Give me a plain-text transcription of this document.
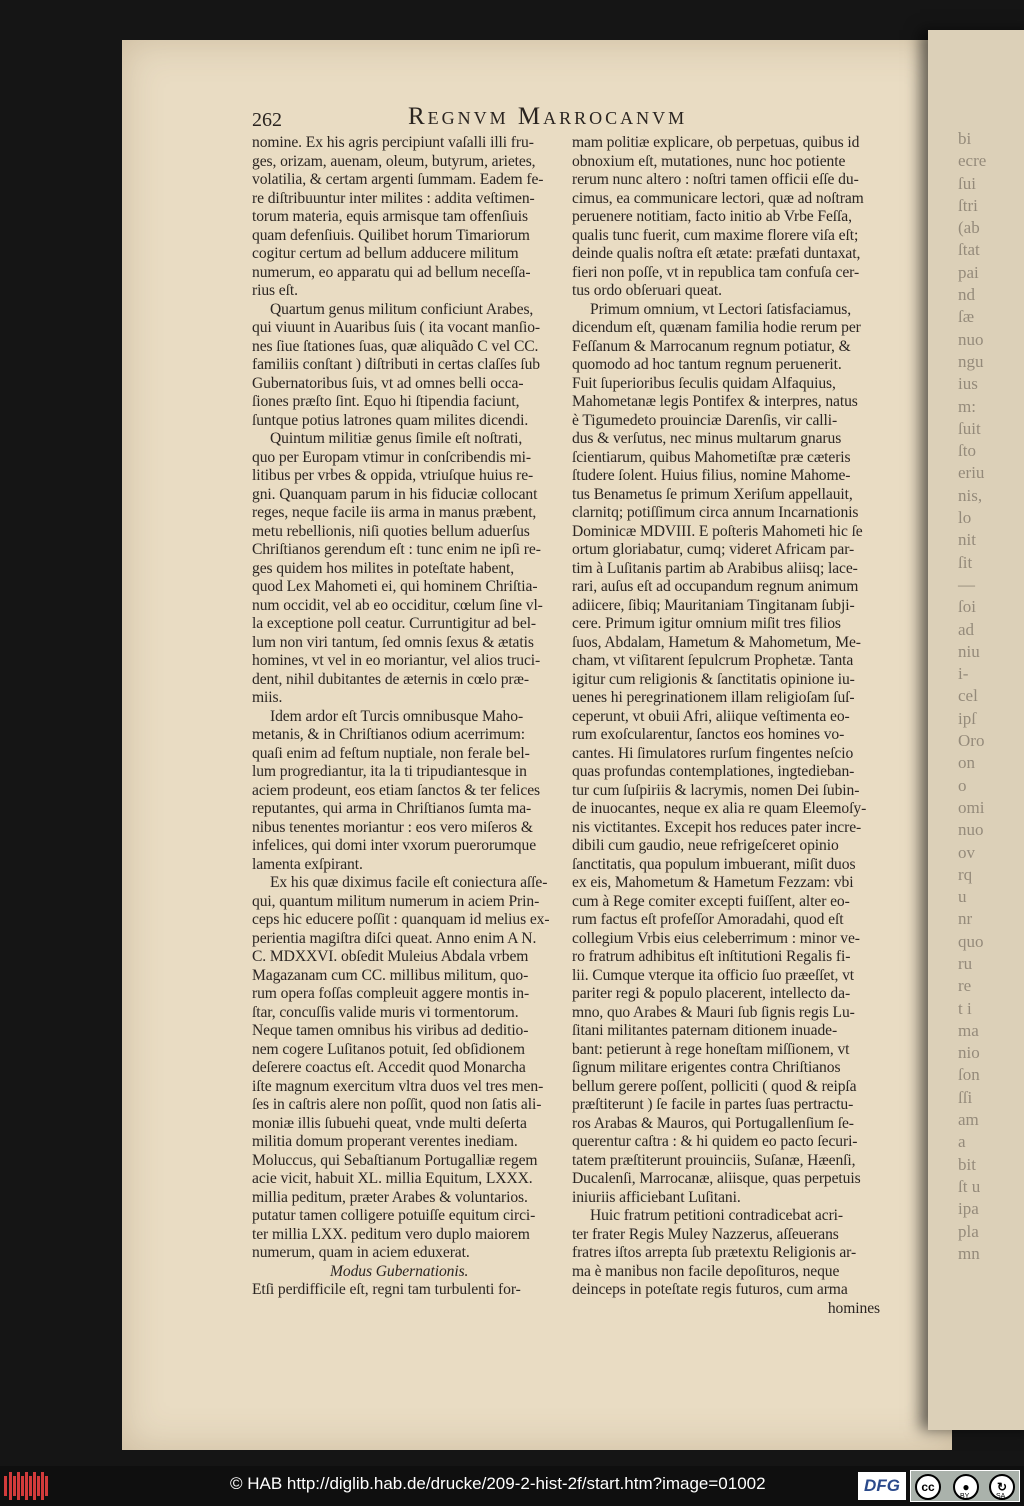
bi
ecre
ſui
ſtri
(ab
ſtat
pai
nd
ſæ
nuo
ngu
ius
m:
ſuit
ſto
eriu
nis,
lo
nit
ſit
—
ſoi
ad
niu
i-
cel
ipſ
Oro
on
o
omi
nuo
ov
rq
u
nr
quo
ru
re
t i
ma
nio
ſon
ſſi
am
a
bit
ſt u
ipa
pla
mn
262	Regnvm Marrocanvm
nomine. Ex his agris percipiunt vaſalli illi fru-
ges, orizam, auenam, oleum, butyrum, arietes,
volatilia, & certam argenti ſummam. Eadem fe-
re diſtribuuntur inter milites : addita veſtimen-
torum materia, equis armisque tam offenſiuis
quam defenſiuis. Quilibet horum Timariorum
cogitur certum ad bellum adducere militum
numerum, eo apparatu qui ad bellum neceſſa-
rius eſt.
Quartum genus militum conficiunt Arabes,
qui viuunt in Auaribus ſuis ( ita vocant manſio-
nes ſiue ſtationes ſuas, quæ aliquãdo C vel CC.
familiis conſtant ) diſtributi in certas claſſes ſub
Gubernatoribus ſuis, vt ad omnes belli occa-
ſiones præſto ſint. Equo hi ſtipendia faciunt,
ſuntque potius latrones quam milites dicendi.
Quintum militiæ genus ſimile eſt noſtrati,
quo per Europam vtimur in conſcribendis mi-
litibus per vrbes & oppida, vtriuſque huius re-
gni. Quanquam parum in his fiduciæ collocant
reges, neque facile iis arma in manus præbent,
metu rebellionis, niſi quoties bellum aduerſus
Chriſtianos gerendum eſt : tunc enim ne ipſi re-
ges quidem hos milites in poteſtate habent,
quod Lex Mahometi ei, qui hominem Chriſtia-
num occidit, vel ab eo occiditur, cœlum ſine vl-
la exceptione poll ceatur. Curruntigitur ad bel-
lum non viri tantum, ſed omnis ſexus & ætatis
homines, vt vel in eo moriantur, vel alios truci-
dent, nihil dubitantes de æternis in cœlo præ-
miis.
Idem ardor eſt Turcis omnibusque Maho-
metanis, & in Chriſtianos odium acerrimum:
quaſi enim ad feſtum nuptiale, non ferale bel-
lum progrediantur, ita la ti tripudiantesque in
aciem prodeunt, eos etiam ſanctos & ter felices
reputantes, qui arma in Chriſtianos ſumta ma-
nibus tenentes moriantur : eos vero miſeros &
infelices, qui domi inter vxorum puerorumque
lamenta exſpirant.
Ex his quæ diximus facile eſt coniectura aſſe-
qui, quantum militum numerum in aciem Prin-
ceps hic educere poſſit : quanquam id melius ex-
perientia magiſtra diſci queat. Anno enim A N.
C. MDXXVI. obſedit Muleius Abdala vrbem
Magazanam cum CC. millibus militum, quo-
rum opera foſſas compleuit aggere montis in-
ſtar, concuſſis valide muris vi tormentorum.
Neque tamen omnibus his viribus ad deditio-
nem cogere Luſitanos potuit, ſed obſidionem
deſerere coactus eſt. Accedit quod Monarcha
iſte magnum exercitum vltra duos vel tres men-
ſes in caſtris alere non poſſit, quod non ſatis ali-
moniæ illis ſubuehi queat, vnde multi deſerta
militia domum properant verentes inediam.
Moluccus, qui Sebaſtianum Portugalliæ regem
acie vicit, habuit XL. millia Equitum, LXXX.
millia peditum, præter Arabes & voluntarios.
putatur tamen colligere potuiſſe equitum circi-
ter millia LXX. peditum vero duplo maiorem
numerum, quam in aciem eduxerat.
Modus Gubernationis.
Etſi perdifficile eſt, regni tam turbulenti for-
mam politiæ explicare, ob perpetuas, quibus id
obnoxium eſt, mutationes, nunc hoc potiente
rerum nunc altero : noſtri tamen officii eſſe du-
cimus, ea communicare lectori, quæ ad noſtram
peruenere notitiam, facto initio ab Vrbe Feſſa,
qualis tunc fuerit, cum maxime florere viſa eſt;
deinde qualis noſtra eſt ætate: præfati duntaxat,
fieri non poſſe, vt in republica tam confuſa cer-
tus ordo obſeruari queat.
Primum omnium, vt Lectori ſatisfaciamus,
dicendum eſt, quænam familia hodie rerum per
Feſſanum & Marrocanum regnum potiatur, &
quomodo ad hoc tantum regnum peruenerit.
Fuit ſuperioribus ſeculis quidam Alfaquius,
Mahometanæ legis Pontifex & interpres, natus
è Tigumedeto prouinciæ Darenſis, vir calli-
dus & verſutus, nec minus multarum gnarus
ſcientiarum, quibus Mahometiſtæ præ cæteris
ſtudere ſolent. Huius filius, nomine Mahome-
tus Benametus ſe primum Xeriſum appellauit,
clarnitq; potiſſimum circa annum Incarnationis
Dominicæ MDVIII. E poſteris Mahometi hic ſe
ortum gloriabatur, cumq; videret Africam par-
tim à Luſitanis partim ab Arabibus aliisq; lace-
rari, auſus eſt ad occupandum regnum animum
adiicere, ſibiq; Mauritaniam Tingitanam ſubji-
cere. Primum igitur omnium miſit tres filios
ſuos, Abdalam, Hametum & Mahometum, Me-
cham, vt viſitarent ſepulcrum Prophetæ. Tanta
igitur cum religionis & ſanctitatis opinione iu-
uenes hi peregrinationem illam religioſam ſuſ-
ceperunt, vt obuii Afri, aliique veſtimenta eo-
rum exoſcularentur, ſanctos eos homines vo-
cantes. Hi ſimulatores rurſum fingentes neſcio
quas profundas contemplationes, ingtedieban-
tur cum ſuſpiriis & lacrymis, nomen Dei ſubin-
de inuocantes, neque ex alia re quam Eleemoſy-
nis victitantes. Excepit hos reduces pater incre-
dibili cum gaudio, neue refrigeſceret opinio
ſanctitatis, qua populum imbuerant, miſit duos
ex eis, Mahometum & Hametum Fezzam: vbi
cum à Rege comiter excepti fuiſſent, alter eo-
rum factus eſt profeſſor Amoradahi, quod eſt
collegium Vrbis eius celeberrimum : minor ve-
ro fratrum adhibitus eſt inſtitutioni Regalis fi-
lii. Cumque vterque ita officio ſuo præeſſet, vt
pariter regi & populo placerent, intellecto da-
mno, quo Arabes & Mauri ſub ſignis regis Lu-
ſitani militantes paternam ditionem inuade-
bant: petierunt à rege honeſtam miſſionem, vt
ſignum militare erigentes contra Chriſtianos
bellum gerere poſſent, polliciti ( quod & reipſa
præſtiterunt ) ſe facile in partes ſuas pertractu-
ros Arabas & Mauros, qui Portugallenſium ſe-
querentur caſtra : & hi quidem eo pacto ſecuri-
tatem præſtiterunt prouinciis, Suſanæ, Hæenſi,
Ducalenſi, Marrocanæ, aliisque, quas perpetuis
iniuriis afficiebant Luſitani.
Huic fratrum petitioni contradicebat acri-
ter frater Regis Muley Nazzerus, aſſeuerans
fratres iſtos arrepta ſub prætextu Religionis ar-
ma è manibus non facile depoſituros, neque
deinceps in poteſtate regis futuros, cum arma
homines
© HAB http://diglib.hab.de/drucke/209-2-hist-2f/start.htm?image=01002	DFG	cc	●	↻
BY	SA
